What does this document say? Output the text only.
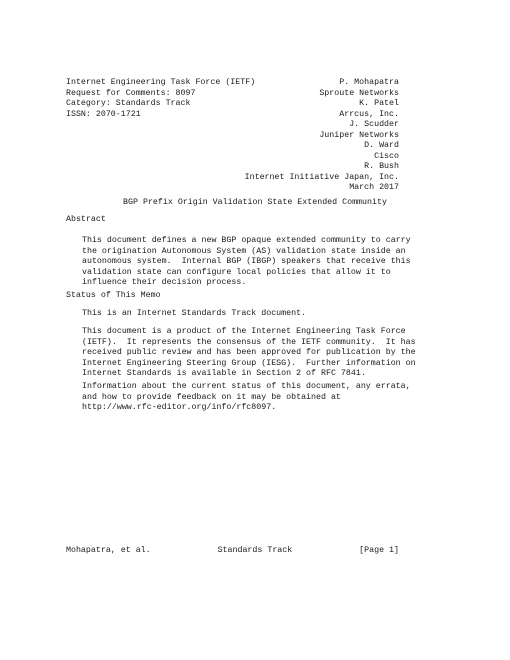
Internet Engineering Task Force (IETF)	P. Mohapatra
Request for Comments: 8097	Sproute Networks
Category: Standards Track	K. Patel
ISSN: 2070-1721	Arrcus, Inc.
J. Scudder
Juniper Networks
D. Ward
Cisco
R. Bush
Internet Initiative Japan, Inc.
March 2017
BGP Prefix Origin Validation State Extended Community
Abstract
This document defines a new BGP opaque extended community to carry
the origination Autonomous System (AS) validation state inside an
autonomous system.  Internal BGP (IBGP) speakers that receive this
validation state can configure local policies that allow it to
influence their decision process.
Status of This Memo
This is an Internet Standards Track document.
This document is a product of the Internet Engineering Task Force
(IETF).  It represents the consensus of the IETF community.  It has
received public review and has been approved for publication by the
Internet Engineering Steering Group (IESG).  Further information on
Internet Standards is available in Section 2 of RFC 7841.
Information about the current status of this document, any errata,
and how to provide feedback on it may be obtained at
http://www.rfc-editor.org/info/rfc8097.
Mohapatra, et al.	Standards Track	[Page 1]
